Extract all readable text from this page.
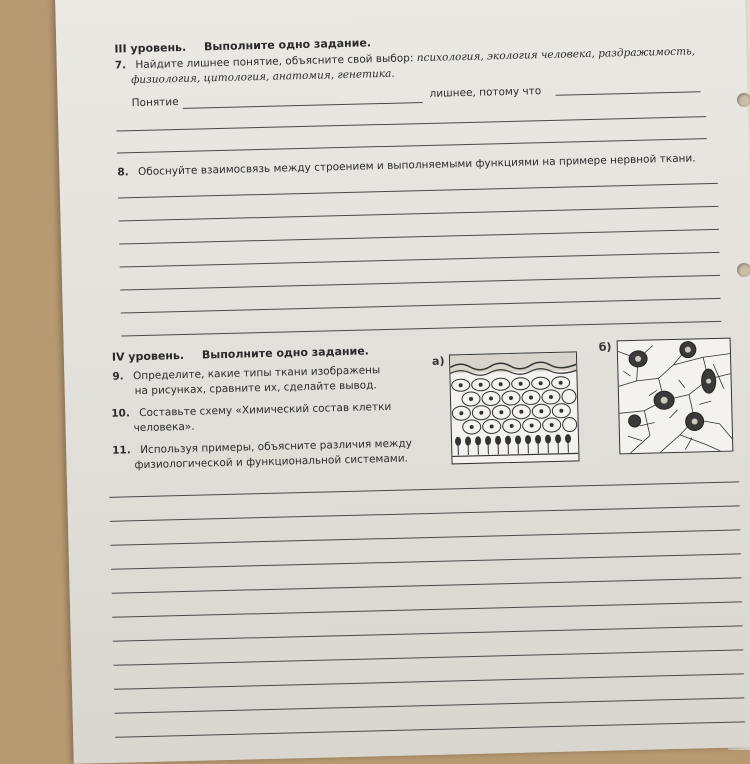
III уровень. Выполните одно задание.
7. Найдите лишнее понятие, объясните свой выбор: психология, экология человека, раздражимость,
физиология, цитология, анатомия, генетика.
Понятие
лишнее, потому что
8. Обоснуйте взаимосвязь между строением и выполняемыми функциями на примере нервной ткани.
IV уровень. Выполните одно задание.
9. Определите, какие типы ткани изображены
на рисунках, сравните их, сделайте вывод.
10. Составьте схему «Химический состав клетки
человека».
11. Используя примеры, объясните различия между
физиологической и функциональной системами.
а)
б)
